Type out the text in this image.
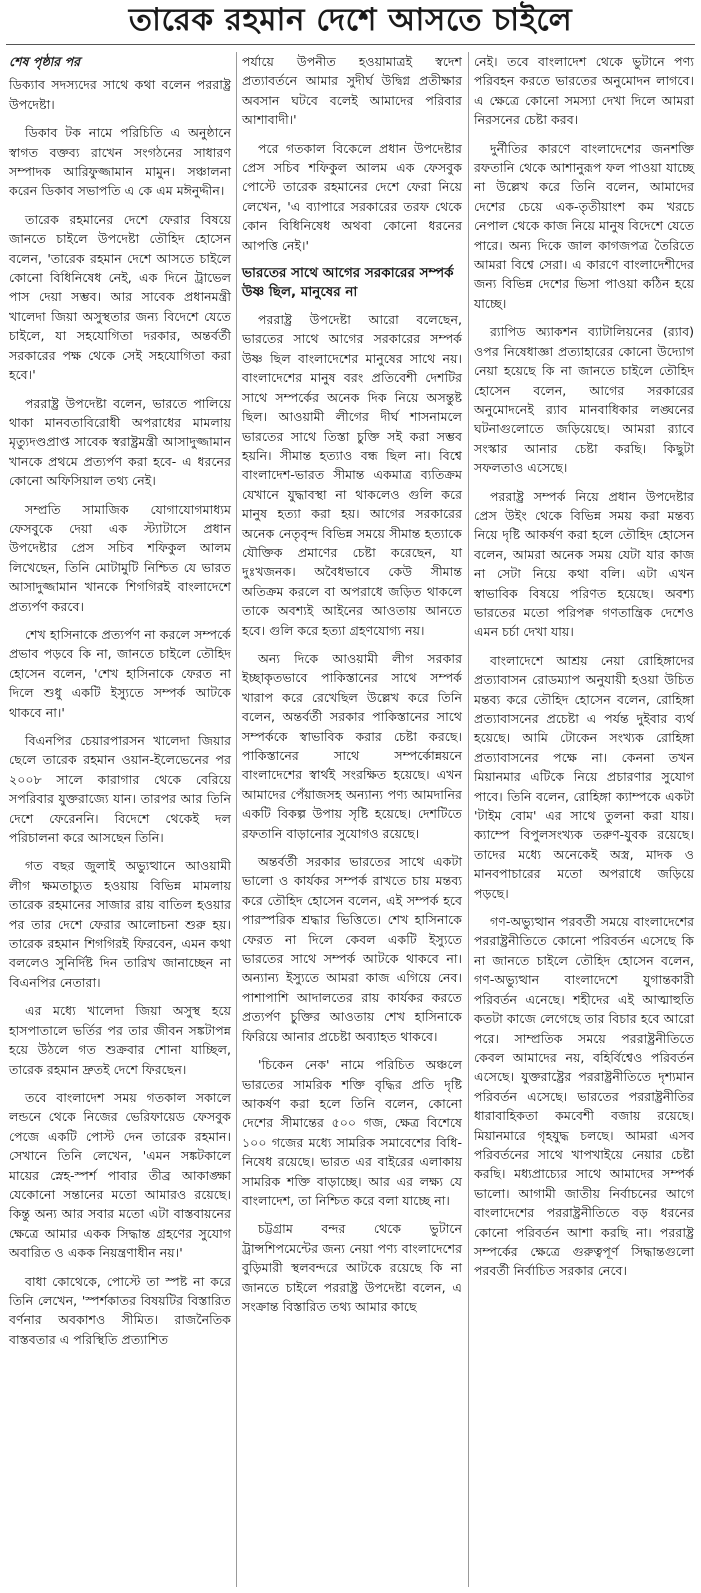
তারেক রহমান দেশে আসতে চাইলে
শেষ পৃষ্ঠার পর

ডিক্যাব সদস্যদের সাথে কথা বলেন পররাষ্ট্র উপদেষ্টা।

ডিকাব টক নামে পরিচিতি এ অনুষ্ঠানে স্বাগত বক্তব্য রাখেন সংগঠনের সাধারণ সম্পাদক আরিফুজ্জামান মামুন। সঞ্চালনা করেন ডিকাব সভাপতি এ কে এম মঈনুদ্দীন।

তারেক রহমানের দেশে ফেরার বিষয়ে জানতে চাইলে উপদেষ্টা তৌহিদ হোসেন বলেন, 'তারেক রহমান দেশে আসতে চাইলে কোনো বিধিনিষেধ নেই, এক দিনে ট্রাভেল পাস দেয়া সম্ভব। আর সাবেক প্রধানমন্ত্রী খালেদা জিয়া অসুস্থতার জন্য বিদেশে যেতে চাইলে, যা সহযোগিতা দরকার, অন্তর্বর্তী সরকারের পক্ষ থেকে সেই সহযোগিতা করা হবে।'

পররাষ্ট্র উপদেষ্টা বলেন, ভারতে পালিয়ে থাকা মানবতাবিরোধী অপরাধের মামলায় মৃত্যুদণ্ডপ্রাপ্ত সাবেক স্বরাষ্ট্রমন্ত্রী আসাদুজ্জামান খানকে প্রথমে প্রত্যর্পণ করা হবে- এ ধরনের কোনো অফিসিয়াল তথ্য নেই।

সম্প্রতি সামাজিক যোগাযোগমাধ্যম ফেসবুকে দেয়া এক স্ট্যাটাসে প্রধান উপদেষ্টার প্রেস সচিব শফিকুল আলম লিখেছেন, তিনি মোটামুটি নিশ্চিত যে ভারত আসাদুজ্জামান খানকে শিগগিরই বাংলাদেশে প্রত্যর্পণ করবে।

শেখ হাসিনাকে প্রত্যর্পণ না করলে সম্পর্কে প্রভাব পড়বে কি না, জানতে চাইলে তৌহিদ হোসেন বলেন, 'শেখ হাসিনাকে ফেরত না দিলে শুধু একটি ইস্যুতে সম্পর্ক আটকে থাকবে না।'

বিএনপির চেয়ারপারসন খালেদা জিয়ার ছেলে তারেক রহমান ওয়ান-ইলেভেনের পর ২০০৮ সালে কারাগার থেকে বেরিয়ে সপরিবার যুক্তরাজ্যে যান। তারপর আর তিনি দেশে ফেরেননি। বিদেশে থেকেই দল পরিচালনা করে আসছেন তিনি।

গত বছর জুলাই অভ্যুত্থানে আওয়ামী লীগ ক্ষমতাচ্যুত হওয়ায় বিভিন্ন মামলায় তারেক রহমানের সাজার রায় বাতিল হওয়ার পর তার দেশে ফেরার আলোচনা শুরু হয়। তারেক রহমান শিগগিরই ফিরবেন, এমন কথা বললেও সুনির্দিষ্ট দিন তারিখ জানাচ্ছেন না বিএনপির নেতারা।

এর মধ্যে খালেদা জিয়া অসুস্থ হয়ে হাসপাতালে ভর্তির পর তার জীবন সঙ্কটাপন্ন হয়ে উঠলে গত শুক্রবার শোনা যাচ্ছিল, তারেক রহমান দ্রুতই দেশে ফিরছেন।

তবে বাংলাদেশ সময় গতকাল সকালে লন্ডনে থেকে নিজের ভেরিফায়েড ফেসবুক পেজে একটি পোস্ট দেন তারেক রহমান। সেখানে তিনি লেখেন, 'এমন সঙ্কটকালে মায়ের স্নেহ-স্পর্শ পাবার তীব্র আকাঙ্ক্ষা যেকোনো সন্তানের মতো আমারও রয়েছে। কিন্তু অন্য আর সবার মতো এটা বাস্তবায়নের ক্ষেত্রে আমার একক সিদ্ধান্ত গ্রহণের সুযোগ অবারিত ও একক নিয়ন্ত্রণাধীন নয়।'

বাধা কোথেকে, পোস্টে তা স্পষ্ট না করে তিনি লেখেন, 'স্পর্শকাতর বিষয়টির বিস্তারিত বর্ণনার অবকাশও সীমিত। রাজনৈতিক বাস্তবতার এ পরিস্থিতি প্রত্যাশিত

পর্যায়ে উপনীত হওয়ামাত্রই স্বদেশ প্রত্যাবর্তনে আমার সুদীর্ঘ উদ্বিগ্ন প্রতীক্ষার অবসান ঘটবে বলেই আমাদের পরিবার আশাবাদী।'

পরে গতকাল বিকেলে প্রধান উপদেষ্টার প্রেস সচিব শফিকুল আলম এক ফেসবুক পোস্টে তারেক রহমানের দেশে ফেরা নিয়ে লেখেন, 'এ ব্যাপারে সরকারের তরফ থেকে কোন বিধিনিষেধ অথবা কোনো ধরনের আপত্তি নেই।'

ভারতের সাথে আগের সরকারের সম্পর্ক উষ্ণ ছিল, মানুষের না

পররাষ্ট্র উপদেষ্টা আরো বলেছেন, ভারতের সাথে আগের সরকারের সম্পর্ক উষ্ণ ছিল বাংলাদেশের মানুষের সাথে নয়। বাংলাদেশের মানুষ বরং প্রতিবেশী দেশটির সাথে সম্পর্কের অনেক দিক নিয়ে অসন্তুষ্ট ছিল। আওয়ামী লীগের দীর্ঘ শাসনামলে ভারতের সাথে তিস্তা চুক্তি সই করা সম্ভব হয়নি। সীমান্ত হত্যাও বন্ধ ছিল না। বিশ্বে বাংলাদেশ-ভারত সীমান্ত একমাত্র ব্যতিক্রম যেখানে যুদ্ধাবস্থা না থাকলেও গুলি করে মানুষ হত্যা করা হয়। আগের সরকারের অনেক নেতৃবৃন্দ বিভিন্ন সময়ে সীমান্ত হত্যাকে যৌক্তিক প্রমাণের চেষ্টা করেছেন, যা দুঃখজনক। অবৈধভাবে কেউ সীমান্ত অতিক্রম করলে বা অপরাধে জড়িত থাকলে তাকে অবশ্যই আইনের আওতায় আনতে হবে। গুলি করে হত্যা গ্রহণযোগ্য নয়।

অন্য দিকে আওয়ামী লীগ সরকার ইচ্ছাকৃতভাবে পাকিস্তানের সাথে সম্পর্ক খারাপ করে রেখেছিল উল্লেখ করে তিনি বলেন, অন্তর্বর্তী সরকার পাকিস্তানের সাথে সম্পর্ককে স্বাভাবিক করার চেষ্টা করছে। পাকিস্তানের সাথে সম্পর্কোন্নয়নে বাংলাদেশের স্বার্থই সংরক্ষিত হয়েছে। এখন আমাদের পেঁয়াজসহ অন্যান্য পণ্য আমদানির একটি বিকল্প উপায় সৃষ্টি হয়েছে। দেশটিতে রফতানি বাড়ানোর সুযোগও রয়েছে।

অন্তর্বর্তী সরকার ভারতের সাথে একটা ভালো ও কার্যকর সম্পর্ক রাখতে চায় মন্তব্য করে তৌহিদ হোসেন বলেন, এই সম্পর্ক হবে পারস্পরিক শ্রদ্ধার ভিত্তিতে। শেখ হাসিনাকে ফেরত না দিলে কেবল একটি ইস্যুতে ভারতের সাথে সম্পর্ক আটকে থাকবে না। অন্যান্য ইস্যুতে আমরা কাজ এগিয়ে নেব। পাশাপাশি আদালতের রায় কার্যকর করতে প্রত্যর্পণ চুক্তির আওতায় শেখ হাসিনাকে ফিরিয়ে আনার প্রচেষ্টা অব্যাহত থাকবে।

'চিকেন নেক' নামে পরিচিত অঞ্চলে ভারতের সামরিক শক্তি বৃদ্ধির প্রতি দৃষ্টি আকর্ষণ করা হলে তিনি বলেন, কোনো দেশের সীমান্তের ৫০০ গজ, ক্ষেত্র বিশেষে ১০০ গজের মধ্যে সামরিক সমাবেশের বিধি-নিষেধ রয়েছে। ভারত এর বাইরের এলাকায় সামরিক শক্তি বাড়াচ্ছে। আর এর লক্ষ্য যে বাংলাদেশ, তা নিশ্চিত করে বলা যাচ্ছে না।

চট্টগ্রাম বন্দর থেকে ভুটানে ট্রান্সশিপমেন্টের জন্য নেয়া পণ্য বাংলাদেশের বুড়িমারী স্থলবন্দরে আটকে রয়েছে কি না জানতে চাইলে পররাষ্ট্র উপদেষ্টা বলেন, এ সংক্রান্ত বিস্তারিত তথ্য আমার কাছে

নেই। তবে বাংলাদেশ থেকে ভুটানে পণ্য পরিবহন করতে ভারতের অনুমোদন লাগবে। এ ক্ষেত্রে কোনো সমস্যা দেখা দিলে আমরা নিরসনের চেষ্টা করব।

দুর্নীতির কারণে বাংলাদেশের জনশক্তি রফতানি থেকে আশানুরূপ ফল পাওয়া যাচ্ছে না উল্লেখ করে তিনি বলেন, আমাদের দেশের চেয়ে এক-তৃতীয়াংশ কম খরচে নেপাল থেকে কাজ নিয়ে মানুষ বিদেশে যেতে পারে। অন্য দিকে জাল কাগজপত্র তৈরিতে আমরা বিশ্বে সেরা। এ কারণে বাংলাদেশীদের জন্য বিভিন্ন দেশের ভিসা পাওয়া কঠিন হয়ে যাচ্ছে।

র‍্যাপিড অ্যাকশন ব্যাটালিয়নের (র‍্যাব) ওপর নিষেধাজ্ঞা প্রত্যাহারের কোনো উদ্যোগ নেয়া হয়েছে কি না জানতে চাইলে তৌহিদ হোসেন বলেন, আগের সরকারের অনুমোদনেই র‍্যাব মানবাধিকার লঙ্ঘনের ঘটনাগুলোতে জড়িয়েছে। আমরা র‍্যাবে সংস্কার আনার চেষ্টা করছি। কিছুটা সফলতাও এসেছে।

পররাষ্ট্র সম্পর্ক নিয়ে প্রধান উপদেষ্টার প্রেস উইং থেকে বিভিন্ন সময় করা মন্তব্য নিয়ে দৃষ্টি আকর্ষণ করা হলে তৌহিদ হোসেন বলেন, আমরা অনেক সময় যেটা যার কাজ না সেটা নিয়ে কথা বলি। এটা এখন স্বাভাবিক বিষয়ে পরিণত হয়েছে। অবশ্য ভারতের মতো পরিপক্ব গণতান্ত্রিক দেশেও এমন চর্চা দেখা যায়।

বাংলাদেশে আশ্রয় নেয়া রোহিঙ্গাদের প্রত্যাবাসন রোডম্যাপ অনুযায়ী হওয়া উচিত মন্তব্য করে তৌহিদ হোসেন বলেন, রোহিঙ্গা প্রত্যাবাসনের প্রচেষ্টা এ পর্যন্ত দুইবার ব্যর্থ হয়েছে। আমি টোকেন সংখ্যক রোহিঙ্গা প্রত্যাবাসনের পক্ষে না। কেননা তখন মিয়ানমার এটিকে নিয়ে প্রচারণার সুযোগ পাবে। তিনি বলেন, রোহিঙ্গা ক্যাম্পকে একটা 'টাইম বোম' এর সাথে তুলনা করা যায়। ক্যাম্পে বিপুলসংখ্যক তরুণ-যুবক রয়েছে। তাদের মধ্যে অনেকেই অস্ত্র, মাদক ও মানবপাচারের মতো অপরাধে জড়িয়ে পড়ছে।

গণ-অভ্যুত্থান পরবর্তী সময়ে বাংলাদেশের পররাষ্ট্রনীতিতে কোনো পরিবর্তন এসেছে কি না জানতে চাইলে তৌহিদ হোসেন বলেন, গণ-অভ্যুত্থান বাংলাদেশে যুগান্তকারী পরিবর্তন এনেছে। শহীদের এই আত্মাহুতি কতটা কাজে লেগেছে তার বিচার হবে আরো পরে। সাম্প্রতিক সময়ে পররাষ্ট্রনীতিতে কেবল আমাদের নয়, বহির্বিশ্বেও পরিবর্তন এসেছে। যুক্তরাষ্ট্রের পররাষ্ট্রনীতিতে দৃশ্যমান পরিবর্তন এসেছে। ভারতের পররাষ্ট্রনীতির ধারাবাহিকতা কমবেশী বজায় রয়েছে। মিয়ানমারে গৃহযুদ্ধ চলছে। আমরা এসব পরিবর্তনের সাথে খাপখাইয়ে নেয়ার চেষ্টা করছি। মধ্যপ্রাচ্যের সাথে আমাদের সম্পর্ক ভালো। আগামী জাতীয় নির্বাচনের আগে বাংলাদেশের পররাষ্ট্রনীতিতে বড় ধরনের কোনো পরিবর্তন আশা করছি না। পররাষ্ট্র সম্পর্কের ক্ষেত্রে গুরুত্বপূর্ণ সিদ্ধান্তগুলো পরবর্তী নির্বাচিত সরকার নেবে।
